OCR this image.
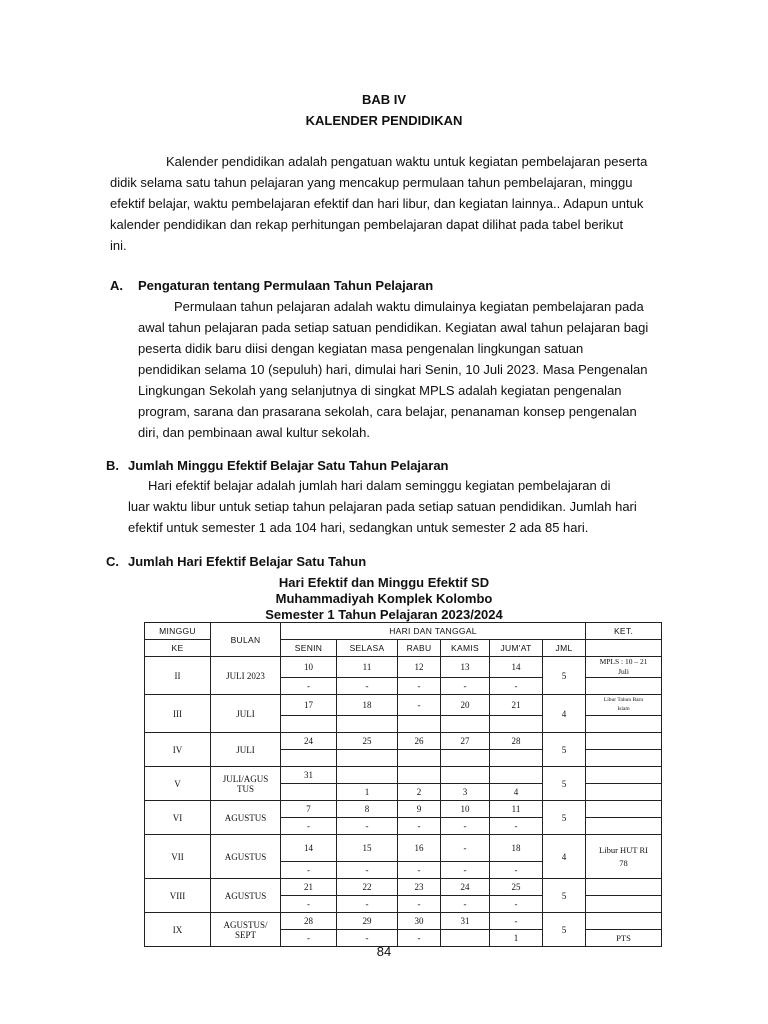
BAB IV
KALENDER PENDIDIKAN
Kalender pendidikan adalah pengatuan waktu untuk kegiatan pembelajaran peserta
didik selama satu tahun pelajaran yang mencakup permulaan tahun pembelajaran, minggu
efektif belajar, waktu pembelajaran efektif dan hari libur, dan kegiatan lainnya.. Adapun untuk
kalender pendidikan dan rekap perhitungan pembelajaran dapat dilihat pada tabel berikut
ini.
A. Pengaturan tentang Permulaan Tahun Pelajaran
Permulaan tahun pelajaran adalah waktu dimulainya kegiatan pembelajaran pada
awal tahun pelajaran pada setiap satuan pendidikan. Kegiatan awal tahun pelajaran bagi
peserta didik baru diisi dengan kegiatan masa pengenalan lingkungan satuan
pendidikan selama 10 (sepuluh) hari, dimulai hari Senin, 10 Juli 2023. Masa Pengenalan
Lingkungan Sekolah yang selanjutnya di singkat MPLS adalah kegiatan pengenalan
program, sarana dan prasarana sekolah, cara belajar, penanaman konsep pengenalan
diri, dan pembinaan awal kultur sekolah.
B. Jumlah Minggu Efektif Belajar Satu Tahun Pelajaran
Hari efektif belajar adalah jumlah hari dalam seminggu kegiatan pembelajaran di
luar waktu libur untuk setiap tahun pelajaran pada setiap satuan pendidikan. Jumlah hari
efektif untuk semester 1 ada 104 hari, sedangkan untuk semester 2 ada 85 hari.
C. Jumlah Hari Efektif Belajar Satu Tahun
Hari Efektif dan Minggu Efektif SD
Muhammadiyah Komplek Kolombo
Semester 1 Tahun Pelajaran 2023/2024
MINGGU	BULAN	HARI DAN TANGGAL						KET.
KE		SENIN	SELASA	RABU	KAMIS	JUM'AT	JML	
II	JULI 2023	10	11	12	13	14	5	MPLS : 10 – 21
Juli
		-	-	-	-	-		
III	JULI	17	18	-	20	21	4	Libur Tahun Baru
Islam

IV	JULI	24	25	26	27	28	5	

V	JULI/AGUS
TUS	31					5	
			1	2	3	4		
VI	AGUSTUS	7	8	9	10	11	5	
		-	-	-	-	-		
VII	AGUSTUS	14	15	16	-	18	4	Libur HUT RI
78
		-	-	-	-	-		
VIII	AGUSTUS	21	22	23	24	25	5	
		-	-	-	-	-		
IX	AGUSTUS/
SEPT	28	29	30	31	-	5	
		-	-	-		1		PTS
84
